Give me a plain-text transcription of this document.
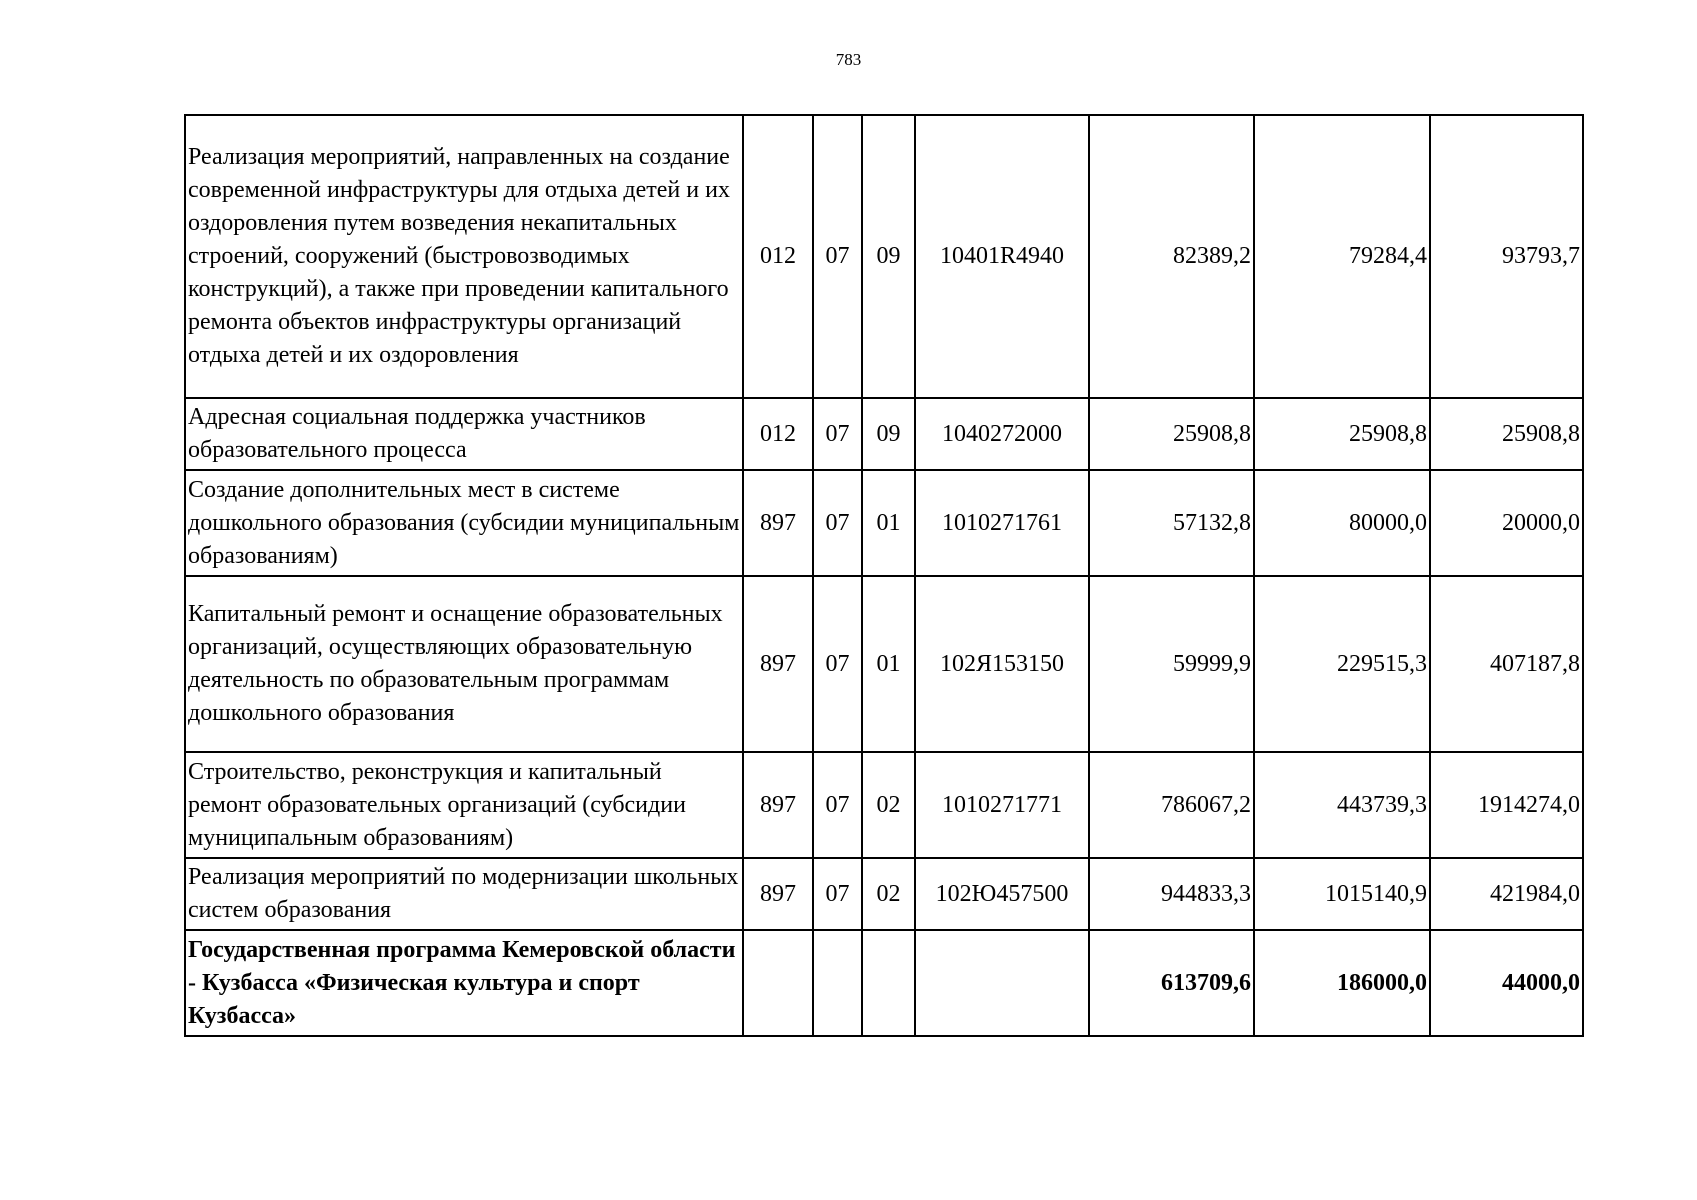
783
Реализация мероприятий, направленных на создание современной инфраструктуры для отдыха детей и их оздоровления путем возведения некапитальных строений, сооружений (быстровозводимых конструкций), а также при проведении капитального ремонта объектов инфраструктуры организаций отдыха детей и их оздоровления	012	07	09	10401R4940	82389,2	79284,4	93793,7
Адресная социальная поддержка участников образовательного процесса	012	07	09	1040272000	25908,8	25908,8	25908,8
Создание дополнительных мест в системе дошкольного образования (субсидии муниципальным образованиям)	897	07	01	1010271761	57132,8	80000,0	20000,0
Капитальный ремонт и оснащение образовательных организаций, осуществляющих образовательную деятельность по образовательным программам дошкольного образования	897	07	01	102Я153150	59999,9	229515,3	407187,8
Строительство, реконструкция и капитальный ремонт образовательных организаций (субсидии муниципальным образованиям)	897	07	02	1010271771	786067,2	443739,3	1914274,0
Реализация мероприятий по модернизации школьных систем образования	897	07	02	102Ю457500	944833,3	1015140,9	421984,0
Государственная программа Кемеровской области - Кузбасса «Физическая культура и спорт Кузбасса»					613709,6	186000,0	44000,0
